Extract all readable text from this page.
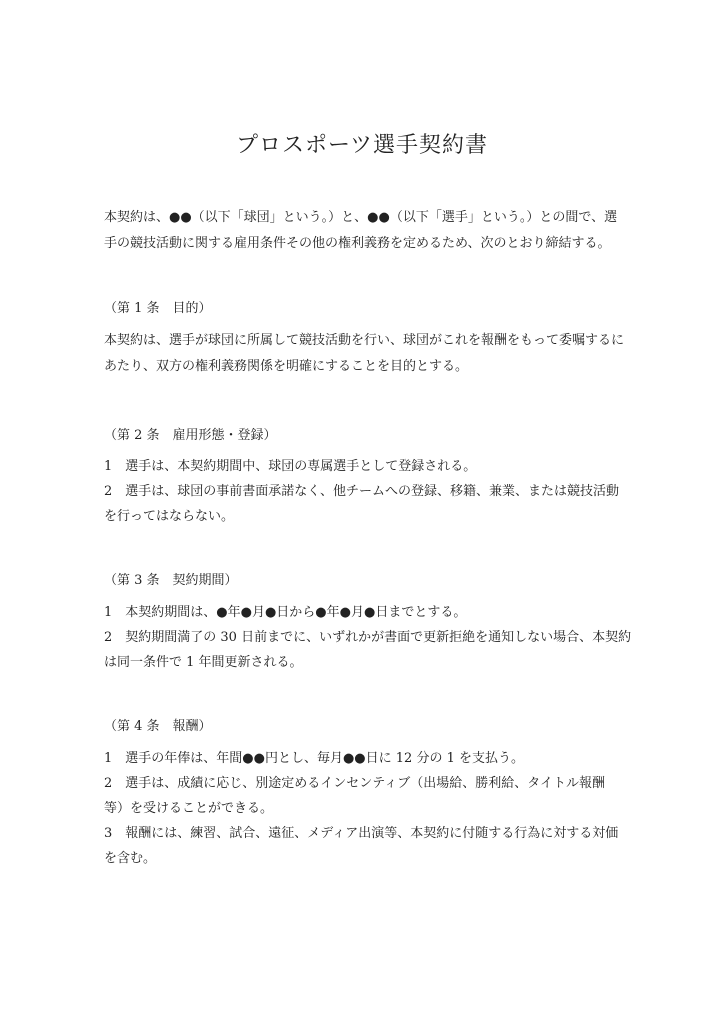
プロスポーツ選手契約書
本契約は、●●（以下「球団」という。）と、●●（以下「選手」という。）との間で、選
手の競技活動に関する雇用条件その他の権利義務を定めるため、次のとおり締結する。
（第 1 条　目的）
本契約は、選手が球団に所属して競技活動を行い、球団がこれを報酬をもって委嘱するに
あたり、双方の権利義務関係を明確にすることを目的とする。
（第 2 条　雇用形態・登録）
1　選手は、本契約期間中、球団の専属選手として登録される。
2　選手は、球団の事前書面承諾なく、他チームへの登録、移籍、兼業、または競技活動
を行ってはならない。
（第 3 条　契約期間）
1　本契約期間は、●年●月●日から●年●月●日までとする。
2　契約期間満了の 30 日前までに、いずれかが書面で更新拒絶を通知しない場合、本契約
は同一条件で 1 年間更新される。
（第 4 条　報酬）
1　選手の年俸は、年間●●円とし、毎月●●日に 12 分の 1 を支払う。
2　選手は、成績に応じ、別途定めるインセンティブ（出場給、勝利給、タイトル報酬
等）を受けることができる。
3　報酬には、練習、試合、遠征、メディア出演等、本契約に付随する行為に対する対価
を含む。
